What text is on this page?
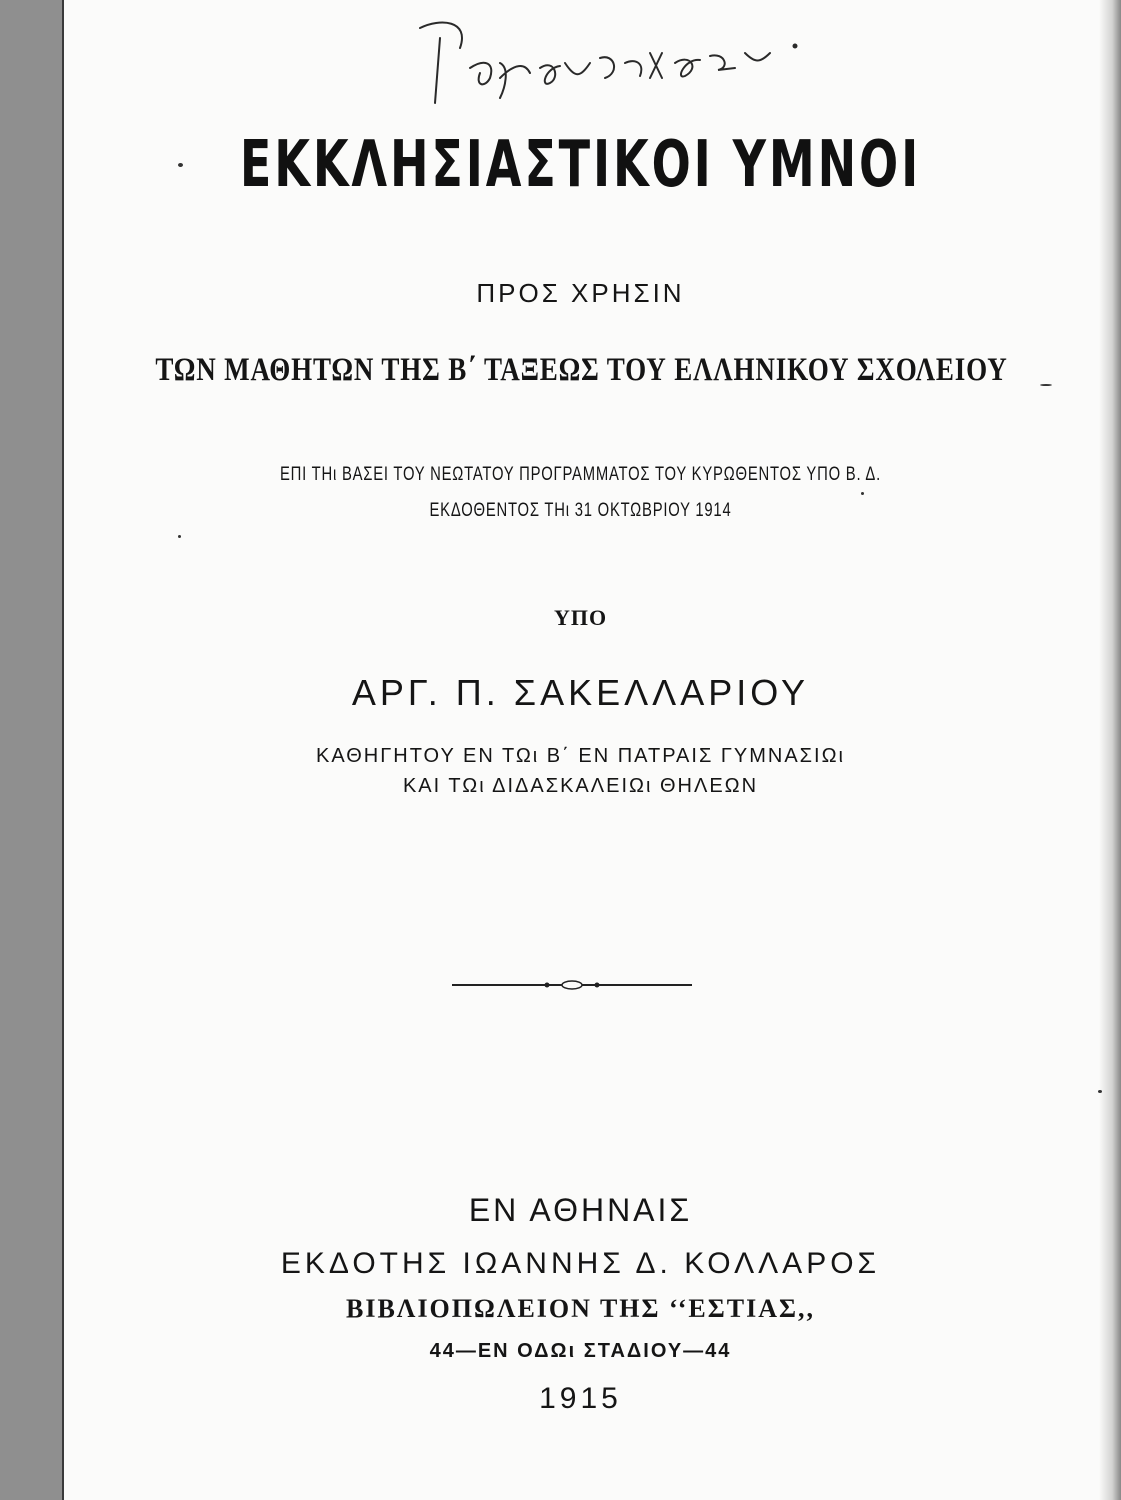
ΕΚΚΛΗΣΙΑΣΤΙΚΟΙ ΥΜΝΟΙ

ΠΡΟΣ ΧΡΗΣΙΝ

ΤΩΝ ΜΑΘΗΤΩΝ ΤΗΣ Β΄ ΤΑΞΕΩΣ ΤΟΥ ΕΛΛΗΝΙΚΟΥ ΣΧΟΛΕΙΟΥ

ΕΠΙ ΤΗι ΒΑΣΕΙ ΤΟΥ ΝΕΩΤΑΤΟΥ ΠΡΟΓΡΑΜΜΑΤΟΣ ΤΟΥ ΚΥΡΩΘΕΝΤΟΣ ΥΠΟ Β. Δ.

ΕΚΔΟΘΕΝΤΟΣ ΤΗι 31 ΟΚΤΩΒΡΙΟΥ 1914

ΥΠΟ

ΑΡΓ. Π. ΣΑΚΕΛΛΑΡΙΟΥ

ΚΑΘΗΓΗΤΟΥ ΕΝ ΤΩι Β΄ ΕΝ ΠΑΤΡΑΙΣ ΓΥΜΝΑΣΙΩι

ΚΑΙ ΤΩι ΔΙΔΑΣΚΑΛΕΙΩι ΘΗΛΕΩΝ

ΕΝ ΑΘΗΝΑΙΣ

ΕΚΔΟΤΗΣ ΙΩΑΝΝΗΣ Δ. ΚΟΛΛΑΡΟΣ

ΒΙΒΛΙΟΠΩΛΕΙΟΝ ΤΗΣ ‘‘ΕΣΤΙΑΣ,,

44—ΕΝ ΟΔΩι ΣΤΑΔΙΟΥ—44

1915
